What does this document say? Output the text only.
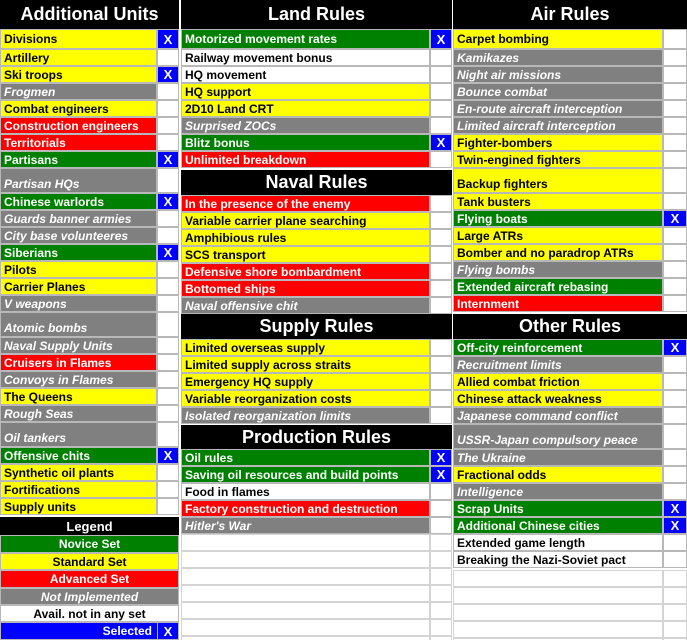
Additional Units	Land Rules	Air Rules
Naval Rules
Supply Rules
Production Rules
Other Rules
Divisions	X
Artillery
Ski troops	X
Frogmen
Combat engineers
Construction engineers
Territorials
Partisans	X
Partisan HQs
Chinese warlords	X
Guards banner armies
City base volunteeres
Siberians	X
Pilots
Carrier Planes
V weapons
Atomic bombs
Naval Supply Units
Cruisers in Flames
Convoys in Flames
The Queens
Rough Seas
Oil tankers
Offensive chits	X
Synthetic oil plants
Fortifications
Supply units
Motorized movement rates	X
Railway movement bonus
HQ movement
HQ support
2D10 Land CRT
Surprised ZOCs
Blitz bonus	X
Unlimited breakdown
In the presence of the enemy
Variable carrier plane searching
Amphibious rules
SCS transport
Defensive shore bombardment
Bottomed ships
Naval offensive chit
Limited overseas supply
Limited supply across straits
Emergency HQ supply
Variable reorganization costs
Isolated reorganization limits
Oil rules	X
Saving oil resources and build points	X
Food in flames
Factory construction and destruction
Hitler's War
Carpet bombing
Kamikazes
Night air missions
Bounce combat
En-route aircraft interception
Limited aircraft interception
Fighter-bombers
Twin-engined fighters
Backup fighters
Tank busters
Flying boats	X
Large ATRs
Bomber and no paradrop ATRs
Flying bombs
Extended aircraft rebasing
Internment
Off-city reinforcement	X
Recruitment limits
Allied combat friction
Chinese attack weakness
Japanese command conflict
USSR-Japan compulsory peace
The Ukraine
Fractional odds
Intelligence
Scrap Units	X
Additional Chinese cities	X
Extended game length
Breaking the Nazi-Soviet pact
Legend
Novice Set
Standard Set
Advanced Set
Not Implemented
Avail. not in any set
Selected X
